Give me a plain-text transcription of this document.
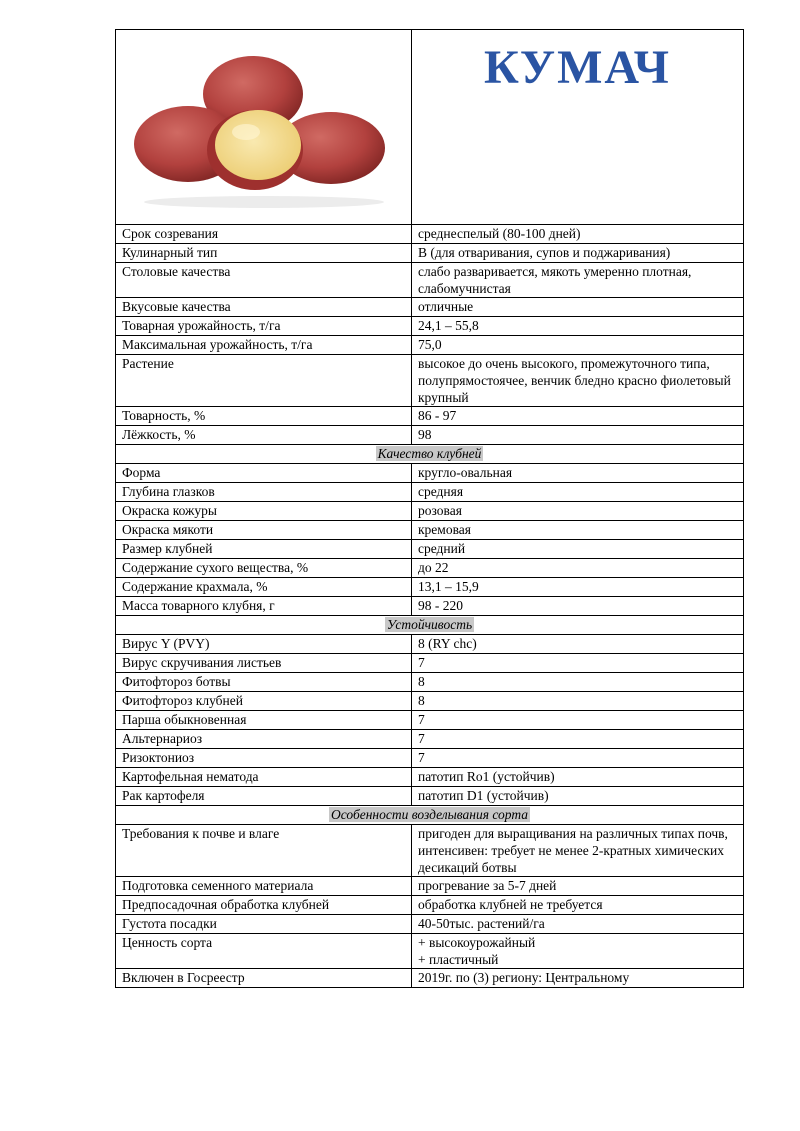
КУМАЧ

Срок созревания	среднеспелый (80-100 дней)
Кулинарный тип	В (для отваривания, супов и поджаривания)
Столовые качества	слабо разваривается, мякоть умеренно плотная, слабомучнистая
Вкусовые качества	отличные
Товарная урожайность, т/га	24,1 – 55,8
Максимальная урожайность, т/га	75,0
Растение	высокое до очень высокого, промежуточного типа, полупрямостоячее, венчик бледно красно фиолетовый крупный
Товарность, %	86 - 97
Лёжкость, %	98
Качество клубней	
Форма	кругло-овальная
Глубина глазков	средняя
Окраска кожуры	розовая
Окраска мякоти	кремовая
Размер клубней	средний
Содержание сухого вещества, %	до 22
Содержание крахмала, %	13,1 – 15,9
Масса товарного клубня, г	98 - 220
Устойчивость	
Вирус Y (PVY)	8 (RY chc)
Вирус скручивания листьев	7
Фитофтороз ботвы	8
Фитофтороз клубней	8
Парша обыкновенная	7
Альтернариоз	7
Ризоктониоз	7
Картофельная нематода	патотип Ro1 (устойчив)
Рак картофеля	патотип D1 (устойчив)
Особенности возделывания сорта	
Требования к почве и влаге	пригоден для выращивания на различных типах почв, интенсивен: требует не менее 2-кратных химических десикаций ботвы
Подготовка семенного материала	прогревание за 5-7 дней
Предпосадочная обработка клубней	обработка клубней не требуется
Густота посадки	40-50тыс. растений/га
Ценность сорта	+ высокоурожайный

+ пластичный

Включен в Госреестр	2019г. по (3) региону: Центральному
